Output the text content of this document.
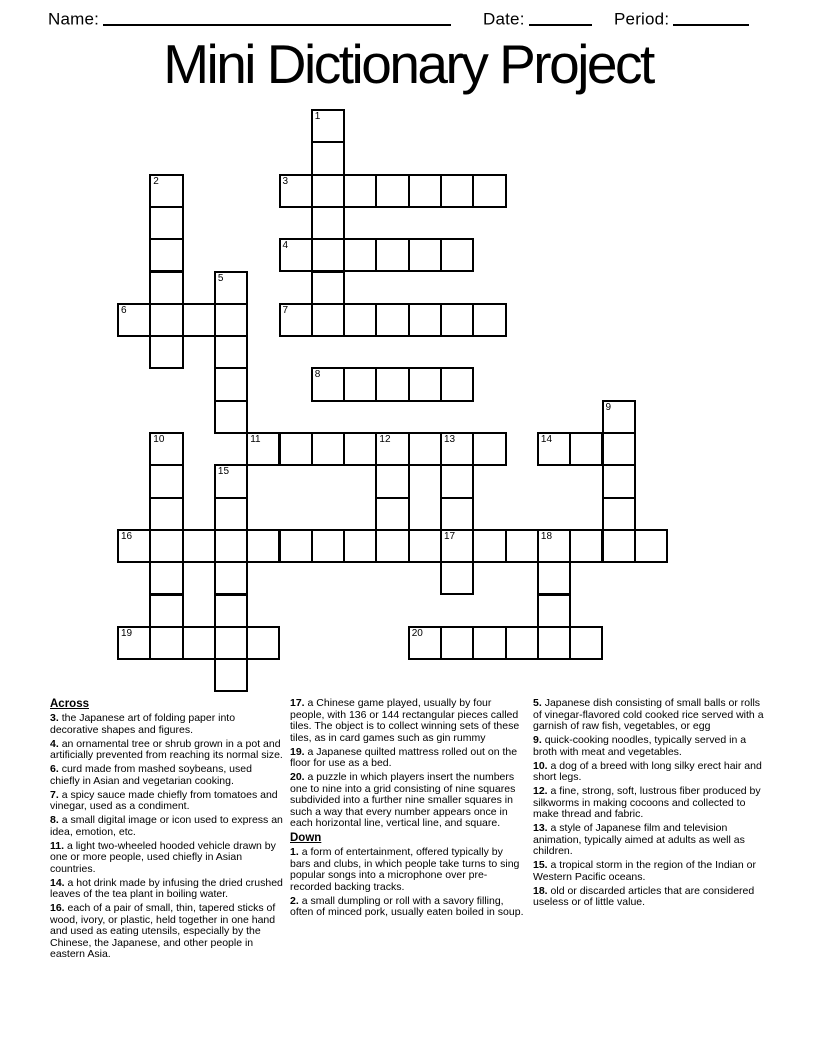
Name:	Date:	Period:
Mini Dictionary Project
1
2	3
4
5
6	7
8
9
10	11	12	13
17
14
15
16	18
19	20
Across

3. the Japanese art of folding paper into decorative shapes and figures.

4. an ornamental tree or shrub grown in a pot and artificially prevented from reaching its normal size.

6. curd made from mashed soybeans, used chiefly in Asian and vegetarian cooking.

7. a spicy sauce made chiefly from tomatoes and vinegar, used as a condiment.

8. a small digital image or icon used to express an idea, emotion, etc.

11. a light two-wheeled hooded vehicle drawn by one or more people, used chiefly in Asian countries.

14. a hot drink made by infusing the dried crushed leaves of the tea plant in boiling water.

16. each of a pair of small, thin, tapered sticks of wood, ivory, or plastic, held together in one hand and used as eating utensils, especially by the Chinese, the Japanese, and other people in eastern Asia.

17. a Chinese game played, usually by four people, with 136 or 144 rectangular pieces called tiles. The object is to collect winning sets of these tiles, as in card games such as gin rummy

19. a Japanese quilted mattress rolled out on the floor for use as a bed.

20. a puzzle in which players insert the numbers one to nine into a grid consisting of nine squares subdivided into a further nine smaller squares in such a way that every number appears once in each horizontal line, vertical line, and square.

Down

1. a form of entertainment, offered typically by bars and clubs, in which people take turns to sing popular songs into a microphone over pre-recorded backing tracks.

2. a small dumpling or roll with a savory filling, often of minced pork, usually eaten boiled in soup.

5. Japanese dish consisting of small balls or rolls of vinegar-flavored cold cooked rice served with a garnish of raw fish, vegetables, or egg

9. quick-cooking noodles, typically served in a broth with meat and vegetables.

10. a dog of a breed with long silky erect hair and short legs.

12. a fine, strong, soft, lustrous fiber produced by silkworms in making cocoons and collected to make thread and fabric.

13. a style of Japanese film and television animation, typically aimed at adults as well as children.

15. a tropical storm in the region of the Indian or Western Pacific oceans.

18. old or discarded articles that are considered useless or of little value.
